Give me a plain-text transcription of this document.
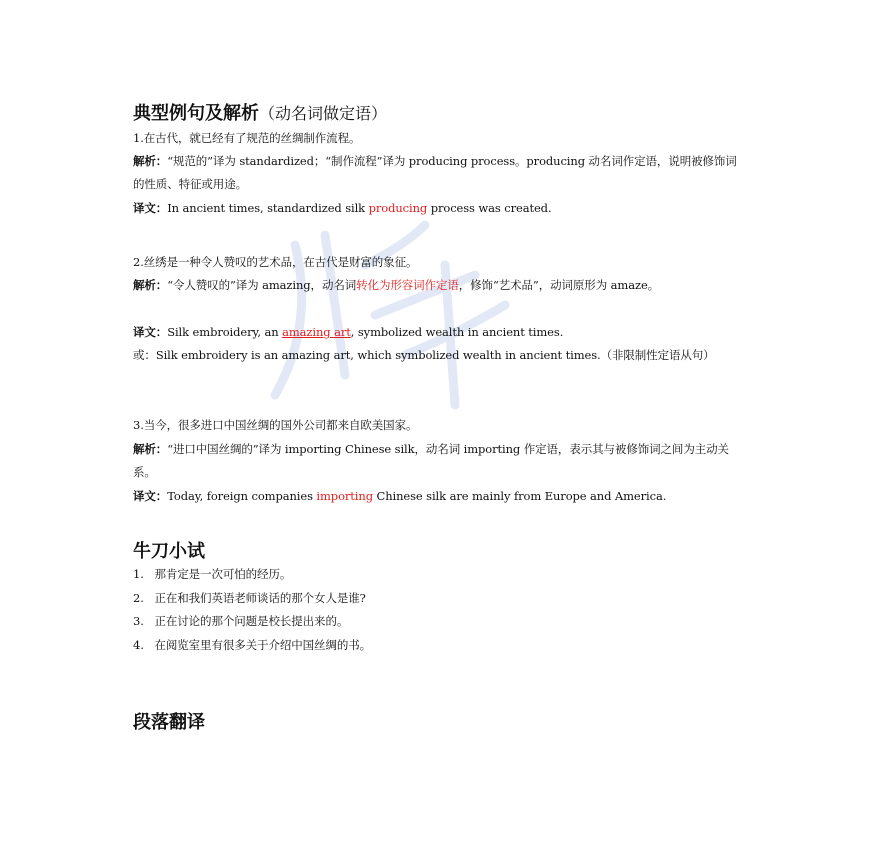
典型例句及解析（动名词做定语）
1.在古代，就已经有了规范的丝绸制作流程。
解析：“规范的”译为 standardized；“制作流程”译为 producing process。producing 动名词作定语，说明被修饰词的性质、特征或用途。
译文：In ancient times, standardized silk producing process was created.
2.丝绣是一种令人赞叹的艺术品，在古代是财富的象征。
解析：“令人赞叹的”译为 amazing，动名词转化为形容词作定语，修饰“艺术品”，动词原形为 amaze。
译文：Silk embroidery, an amazing art, symbolized wealth in ancient times.
或：Silk embroidery is an amazing art, which symbolized wealth in ancient times.（非限制性定语从句）
3.当今，很多进口中国丝绸的国外公司都来自欧美国家。
解析：“进口中国丝绸的”译为 importing Chinese silk，动名词 importing 作定语，表示其与被修饰词之间为主动关系。
译文：Today, foreign companies importing Chinese silk are mainly from Europe and America.
牛刀小试
1. 那肯定是一次可怕的经历。
2. 正在和我们英语老师谈话的那个女人是谁?
3. 正在讨论的那个问题是校长提出来的。
4. 在阅览室里有很多关于介绍中国丝绸的书。
段落翻译
